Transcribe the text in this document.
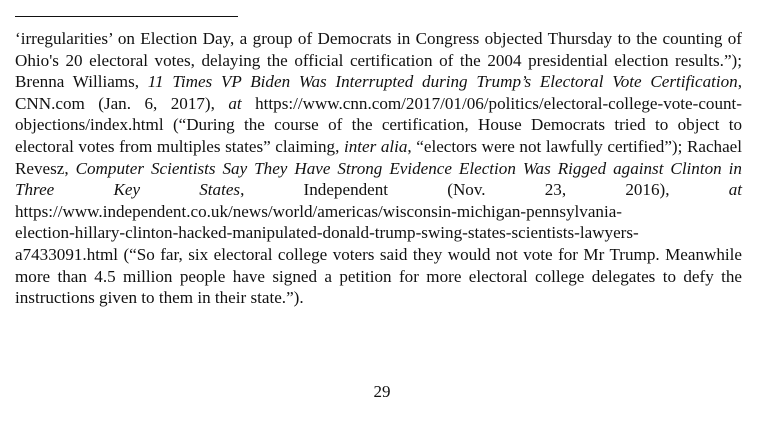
‘irregularities’ on Election Day, a group of Democrats in Congress objected Thursday to the counting of Ohio's 20 electoral votes, delaying the official certification of the 2004 presidential election results.”); Brenna Williams, 11 Times VP Biden Was Interrupted during Trump’s Electoral Vote Certification, CNN.com (Jan. 6, 2017), at https://www.cnn.com/2017/01/06/politics/electoral-college-vote-count-objections/index.html (“During the course of the certification, House Democrats tried to object to electoral votes from multiples states” claiming, inter alia, “electors were not lawfully certified”); Rachael Revesz, Computer Scientists Say They Have Strong Evidence Election Was Rigged against Clinton in Three Key States, Independent (Nov. 23, 2016), at https://www.independent.co.uk/news/world/americas/wisconsin-michigan-pennsylvania-
election-hillary-clinton-hacked-manipulated-donald-trump-swing-states-scientists-lawyers-
a7433091.html (“So far, six electoral college voters said they would not vote for Mr Trump. Meanwhile more than 4.5 million people have signed a petition for more electoral college delegates to defy the instructions given to them in their state.”).

29
